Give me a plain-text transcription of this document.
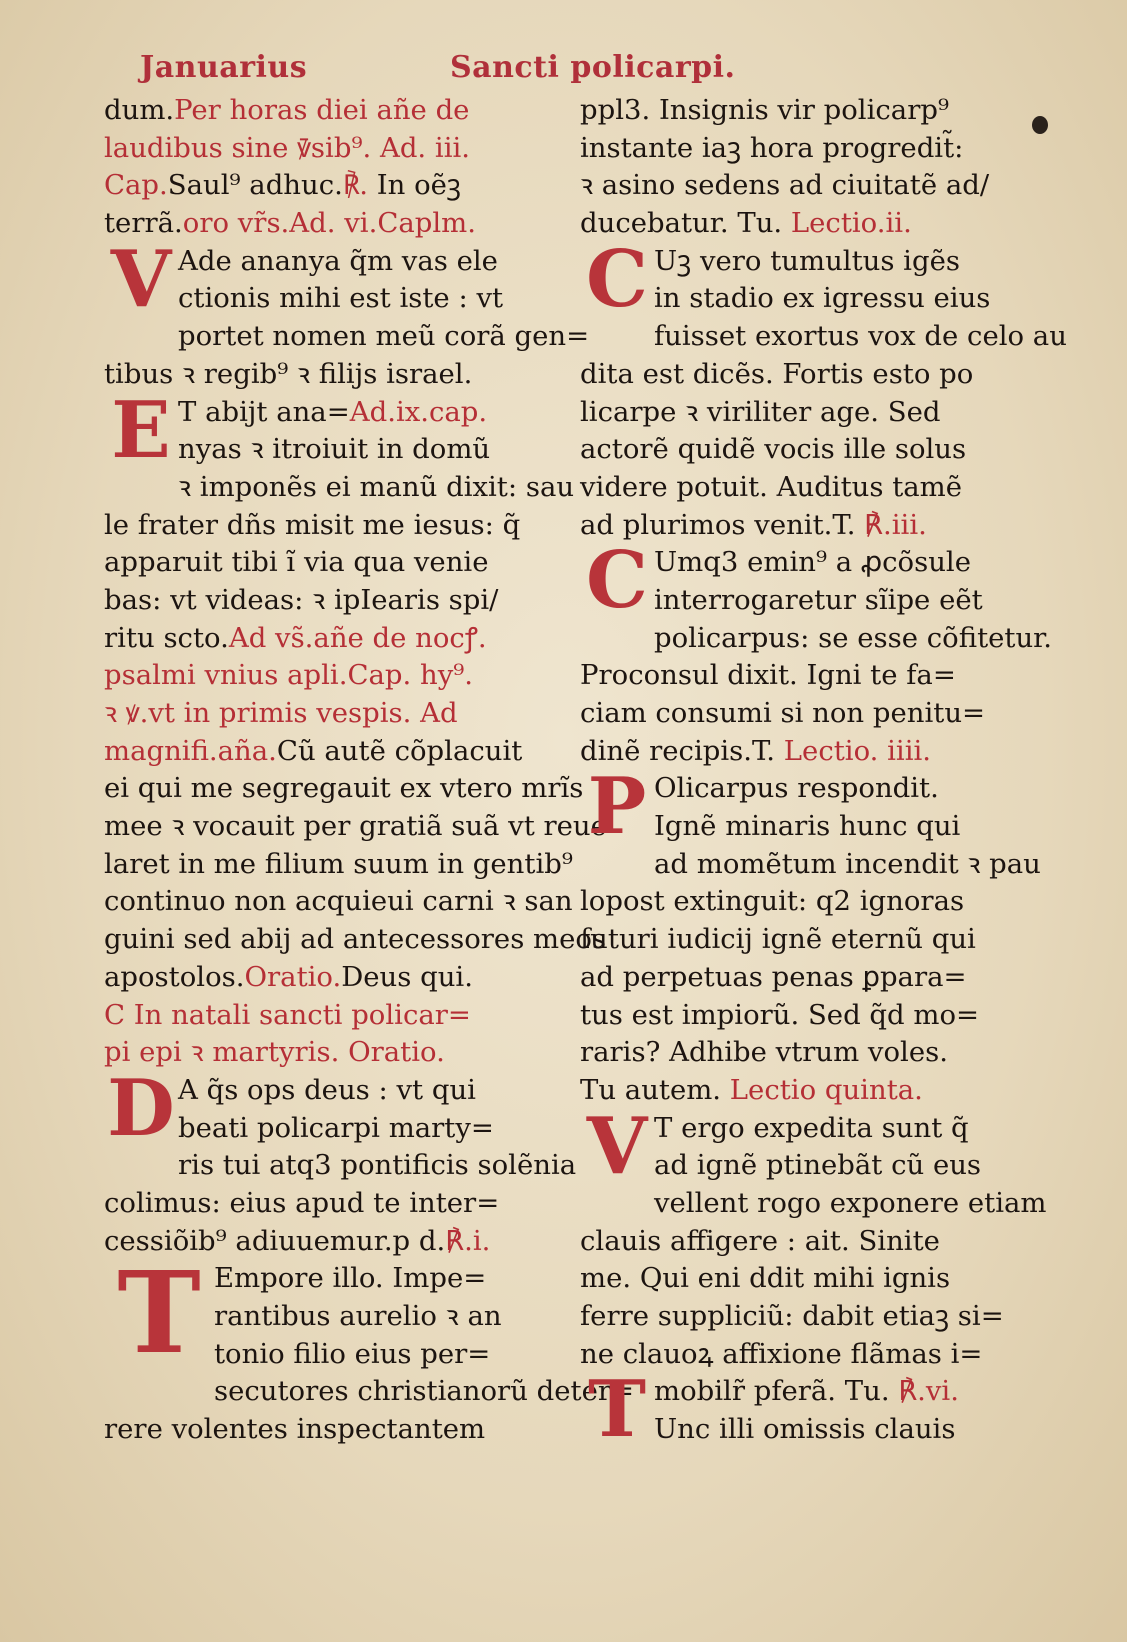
Januarius	Sancti policarpi.
dum.Per horas diei añe de
laudibus sine ꝟ̄sib⁹. Ad. iii.
Cap.Saul⁹ adhuc.℟. In oẽꝫ
terrã.oro vr̃s.Ad. vi.Caplm.
V Ade ananya q̃m vas ele
ctionis mihi est iste : vt
portet nomen meũ corã gen=
tibus ꝛ regib⁹ ꝛ filijs israel.
E T abijt ana=Ad.ix.cap.
nyas ꝛ itroiuit in domũ
ꝛ imponẽs ei manũ dixit: sau
le frater dñs misit me iesus: q̃
apparuit tibi ĩ via qua venie
bas: vt videas: ꝛ ipIearis spi/
ritu scto.Ad vs̃.añe de nocꝭ.
psalmi vnius apli.Cap. hy⁹.
ꝛ ꝟ.vt in primis vespis. Ad
magnifi.aña.Cũ autẽ cõplacuit
ei qui me segregauit ex vtero mrĩs
mee ꝛ vocauit per gratiã suã vt reue
laret in me filium suum in gentib⁹
continuo non acquieui carni ꝛ san
guini sed abij ad antecessores meos
apostolos.Oratio.Deus qui.
C In natali sancti policar=
pi epi ꝛ martyris. Oratio.
D A q̃s ops deus : vt qui
beati policarpi marty=
ris tui atq3 pontificis solẽnia
colimus: eius apud te inter=
cessiõib⁹ adiuuemur.p d.℟.i.
T Empore illo. Impe=
rantibus aurelio ꝛ an
tonio filio eius per=
secutores christianorũ deter=
rere volentes inspectantem
ppl3. Insignis vir policarp⁹
instante iaꝫ hora progredit̃:
ꝛ asino sedens ad ciuitatẽ ad/
ducebatur. Tu. Lectio.ii.
C Uꝫ vero tumultus igẽs
in stadio ex igressu eius
fuisset exortus vox de celo au
dita est dicẽs. Fortis esto po
licarpe ꝛ viriliter age. Sed
actorẽ quidẽ vocis ille solus
videre potuit. Auditus tamẽ
ad plurimos venit.T. ℟.iii.
C Umq3 emin⁹ a ꝓcõsule
interrogaretur sĩipe eẽt
policarpus: se esse cõfitetur.
Proconsul dixit. Igni te fa=
ciam consumi si non penitu=
dinẽ recipis.T. Lectio. iiii.
P Olicarpus respondit.
Ignẽ minaris hunc qui
ad momẽtum incendit ꝛ pau
lopost extinguit: q2 ignoras
futuri iudicij ignẽ eternũ qui
ad perpetuas penas ꝑpara=
tus est impiorũ. Sed q̃d mo=
raris? Adhibe vtrum voles.
Tu autem. Lectio quinta.
V T ergo expedita sunt q̃
ad ignẽ ptinebãt cũ eus
vellent rogo exponere etiam
clauis affigere : ait. Sinite
me. Qui eni ddit mihi ignis
ferre suppliciũ: dabit etiaꝫ si=
ne clauoꝝ affixione flãmas i=
T mobilr̃ pferã. Tu. ℟.vi.
Unc illi omissis clauis
